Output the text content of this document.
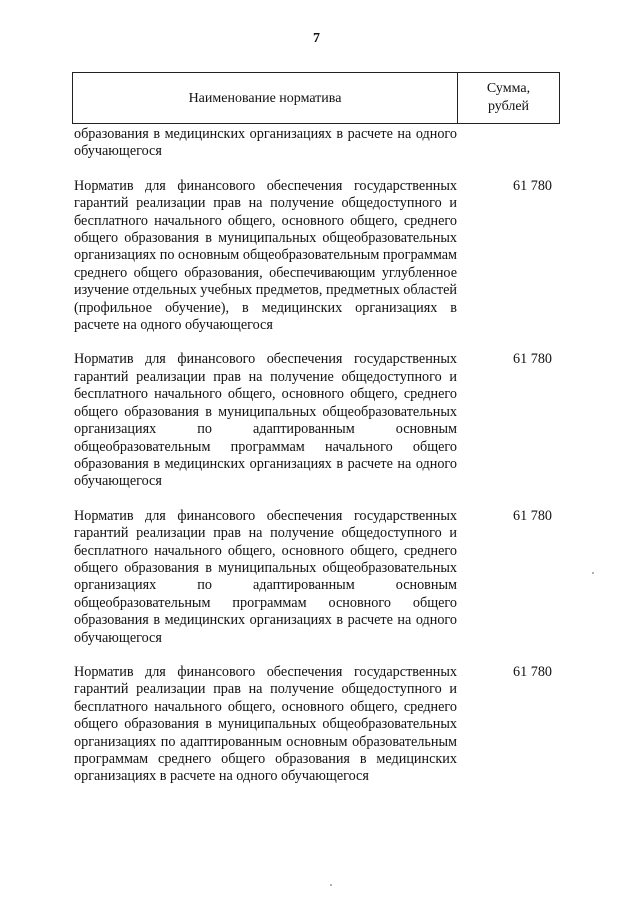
7
Наименование норматива
Сумма,
рублей
образования в медицинских организациях в расчете на одного обучающегося
Норматив для финансового обеспечения государственных гарантий реализации прав на получение общедоступного и бесплатного начального общего, основного общего, среднего общего образования в муниципальных общеобразовательных организациях по основным общеобразовательным программам среднего общего образования, обеспечивающим углубленное изучение отдельных учебных предметов, предметных областей (профильное обучение), в медицинских организациях в расчете на одного обучающегося
61 780
Норматив для финансового обеспечения государственных гарантий реализации прав на получение общедоступного и бесплатного начального общего, основного общего, среднего общего образования в муниципальных общеобразовательных организациях по адаптированным основным общеобразовательным программам начального общего образования в медицинских организациях в расчете на одного обучающегося
61 780
Норматив для финансового обеспечения государственных гарантий реализации прав на получение общедоступного и бесплатного начального общего, основного общего, среднего общего образования в муниципальных общеобразовательных организациях по адаптированным основным общеобразовательным программам основного общего образования в медицинских организациях в расчете на одного обучающегося
61 780
Норматив для финансового обеспечения государственных гарантий реализации прав на получение общедоступного и бесплатного начального общего, основного общего, среднего общего образования в муниципальных общеобразовательных организациях по адаптированным основным образовательным программам среднего общего образования в медицинских организациях в расчете на одного обучающегося
61 780
